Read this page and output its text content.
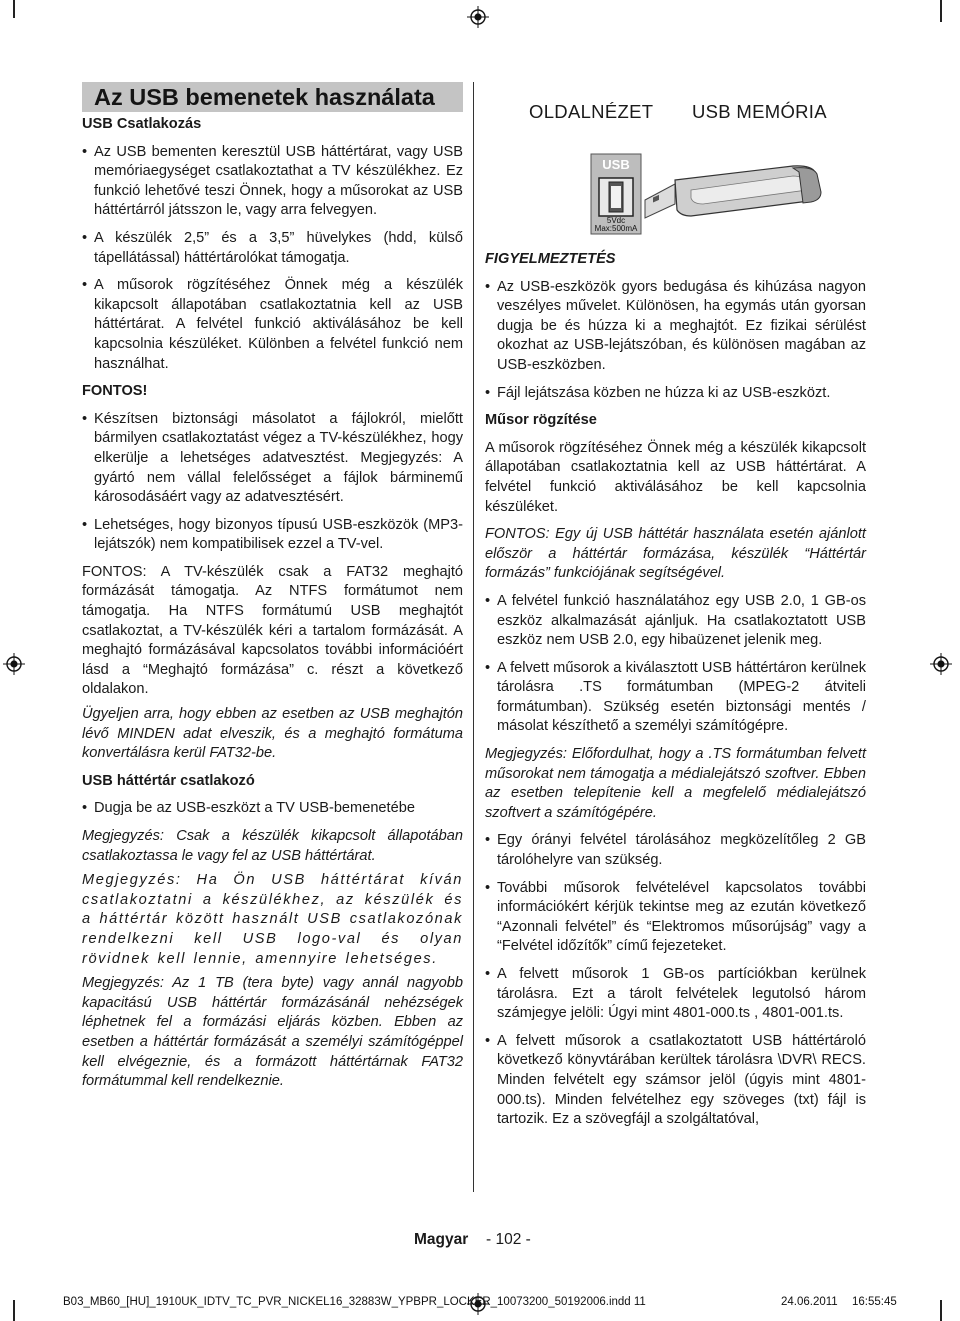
Az USB bemenetek használata

USB Csatlakozás

• Az USB bementen keresztül USB háttértárat, vagy USB memóriaegységet csatlakoztathat a TV készülékhez. Ez funkció lehetővé teszi Önnek, hogy a műsorokat az USB háttértárról játsszon le, vagy arra felvegyen.

• A készülék 2,5” és a 3,5” hüvelykes (hdd, külső tápellátással) háttértárolókat támogatja.

• A műsorok rögzítéséhez Önnek még a készülék kikapcsolt állapotában csatlakoztatnia kell az USB háttértárat. A felvétel funkció aktiválásához be kell kapcsolnia készüléket. Különben a felvétel funkció nem használhat.

FONTOS!

• Készítsen biztonsági másolatot a fájlokról, mielőtt bármilyen csatlakoztatást végez a TV-készülékhez, hogy elkerülje a lehetséges adatvesztést. Megjegyzés: A gyártó nem vállal felelősséget a fájlok bárminemű károsodásáért vagy az adatvesztésért.

• Lehetséges, hogy bizonyos típusú USB-eszközök (MP3-lejátszók) nem kompatibilisek ezzel a TV-vel.

FONTOS: A TV-készülék csak a FAT32 meghajtó formázását támogatja. Az NTFS formátumot nem támogatja. Ha NTFS formátumú USB meghajtót csatlakoztat, a TV-készülék kéri a tartalom formázását. A meghajtó formázásával kapcsolatos további információért lásd a “Meghajtó formázása” c. részt a következő oldalakon.

Ügyeljen arra, hogy ebben az esetben az USB meghajtón lévő MINDEN adat elveszik, és a meghajtó formátuma konvertálásra kerül FAT32-be.

USB háttértár csatlakozó

• Dugja be az USB-eszközt a TV USB-bemenetébe

Megjegyzés: Csak a készülék kikapcsolt állapotában csatlakoztassa le vagy fel az USB háttértárat.

Megjegyzés: Ha Ön USB háttértárat kíván csatlakoztatni a készülékhez, az készülék és a háttértár között használt USB csatlakozónak rendelkezni kell USB logo-val és olyan rövidnek kell lennie, amennyire lehetséges.

Megjegyzés: Az 1 TB (tera byte) vagy annál nagyobb kapacitású USB háttértár formázásánál nehézségek léphetnek fel a formázási eljárás közben. Ebben az esetben a háttértár formázását a személyi számítógéppel kell elvégeznie, és a formázott háttértárnak FAT32 formátummal kell rendelkeznie.

OLDALNÉZET USB MEMÓRIA
USB
5Vdc
Max:500mA

FIGYELMEZTETÉS

• Az USB-eszközök gyors bedugása és kihúzása nagyon veszélyes művelet. Különösen, ha egymás után gyorsan dugja be és húzza ki a meghajtót. Ez fizikai sérülést okozhat az USB-lejátszóban, és különösen magában az USB-eszközben.

• Fájl lejátszása közben ne húzza ki az USB-eszközt.

Műsor rögzítése

A műsorok rögzítéséhez Önnek még a készülék kikapcsolt állapotában csatlakoztatnia kell az USB háttértárat. A felvétel funkció aktiválásához be kell kapcsolnia készüléket.

FONTOS: Egy új USB háttétár használata esetén ajánlott először a háttértár formázása, készülék “Háttértár formázás” funkciójának segítségével.

• A felvétel funkció használatához egy USB 2.0, 1 GB-os eszköz alkalmazását ajánljuk. Ha csatlakoztatott USB eszköz nem USB 2.0, egy hibaüzenet jelenik meg.

• A felvett műsorok a kiválasztott USB háttértáron kerülnek tárolásra .TS formátumban (MPEG-2 átviteli formátumban). Szükség esetén biztonsági mentés / másolat készíthető a személyi számítógépre.

Megjegyzés: Előfordulhat, hogy a .TS formátumban felvett műsorokat nem támogatja a médialejátszó szoftver. Ebben az esetben telepítenie kell a megfelelő médialejátszó szoftvert a számítógépére.

• Egy órányi felvétel tárolásához megközelítőleg 2 GB tárolóhelyre van szükség.

• További műsorok felvételével kapcsolatos további információkért kérjük tekintse meg az ezután következő “Azonnali felvétel” és “Elektromos műsorújság” vagy a “Felvétel időzítők” című fejezeteket.

• A felvett műsorok 1 GB-os partíciókban kerülnek tárolásra. Ezt a tárolt felvételek legutolsó három számjegye jelöli: Úgyi mint 4801-000.ts , 4801-001.ts.

• A felvett műsorok a csatlakoztatott USB háttértároló következő könyvtárában kerültek tárolásra \DVR\ RECS. Minden felvételt egy számsor jelöl (úgyis mint 4801-000.ts). Minden felvételhez egy szöveges (txt) fájl is tartozik. Ez a szövegfájl a szolgáltatóval,

Magyar - 102 -
B03_MB60_[HU]_1910UK_IDTV_TC_PVR_NICKEL16_32883W_YPBPR_LOCKER_10073200_50192006.indd 11	24.06.2011 16:55:45
